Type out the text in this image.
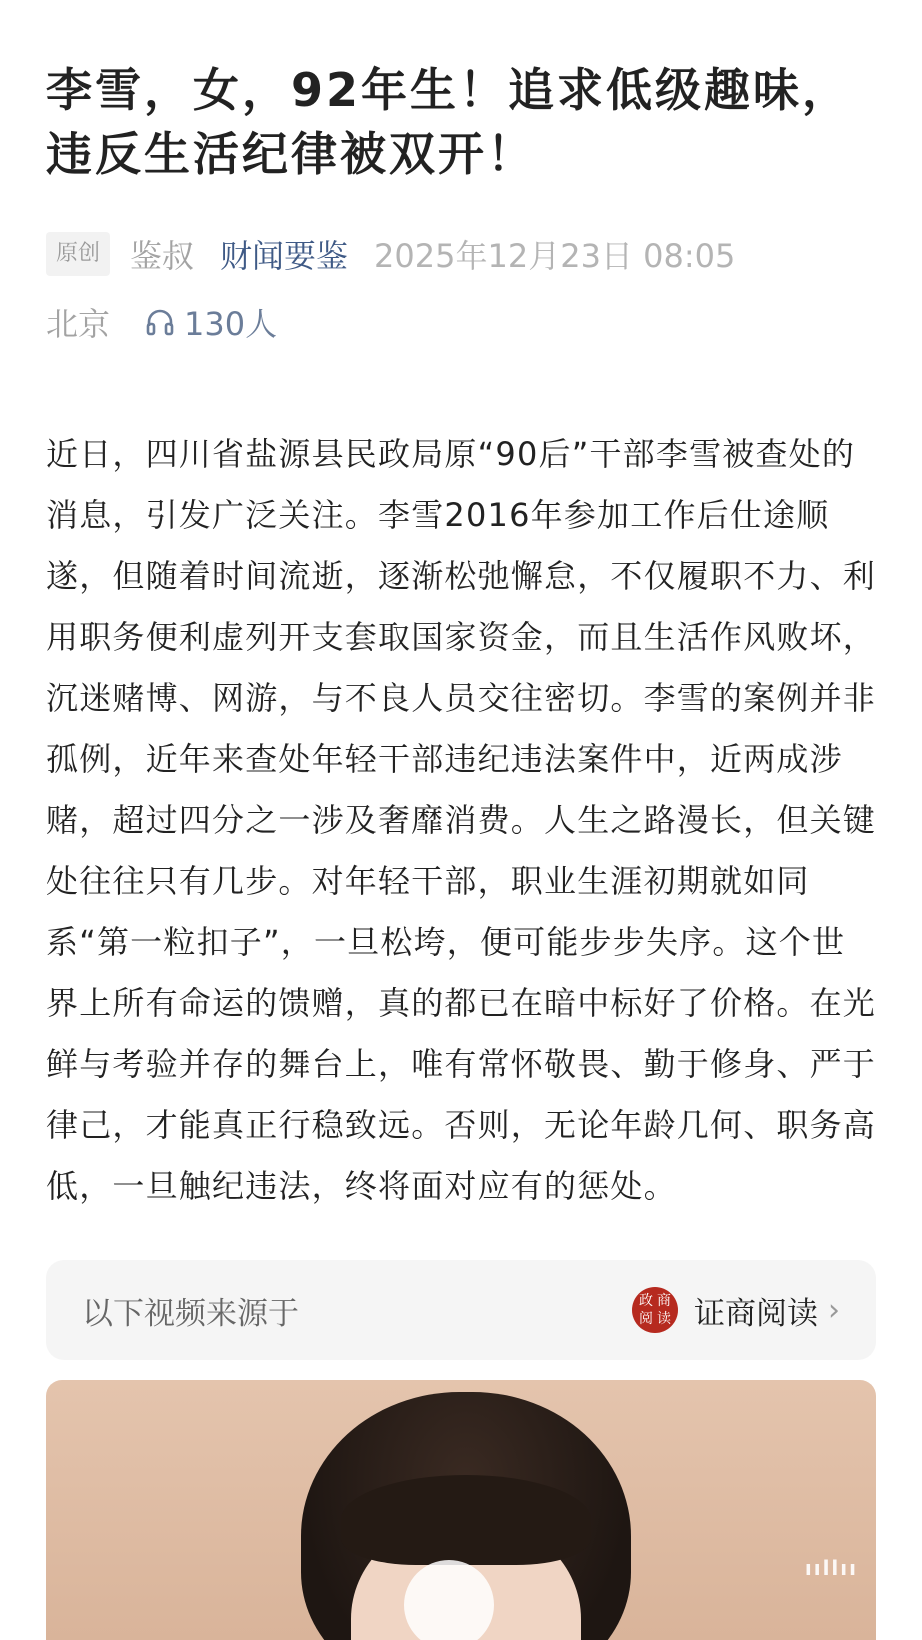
李雪，女，92年生！追求低级趣味，违反生活纪律被双开！
原创 鉴叔 财闻要鉴 2025年12月23日 08:05
北京 130人

近日，四川省盐源县民政局原“90后”干部李雪被查处的消息，引发广泛关注。李雪2016年参加工作后仕途顺遂，但随着时间流逝，逐渐松弛懈怠，不仅履职不力、利用职务便利虚列开支套取国家资金，而且生活作风败坏，沉迷赌博、网游，与不良人员交往密切。李雪的案例并非孤例，近年来查处年轻干部违纪违法案件中，近两成涉赌，超过四分之一涉及奢靡消费。人生之路漫长，但关键处往往只有几步。对年轻干部，职业生涯初期就如同系“第一粒扣子”，一旦松垮，便可能步步失序。这个世界上所有命运的馈赠，真的都已在暗中标好了价格。在光鲜与考验并存的舞台上，唯有常怀敬畏、勤于修身、严于律己，才能真正行稳致远。否则，无论年龄几何、职务高低，一旦触纪违法，终将面对应有的惩处。

以下视频来源于	政 商
阅 读 证商阅读 ›
ııllıı
